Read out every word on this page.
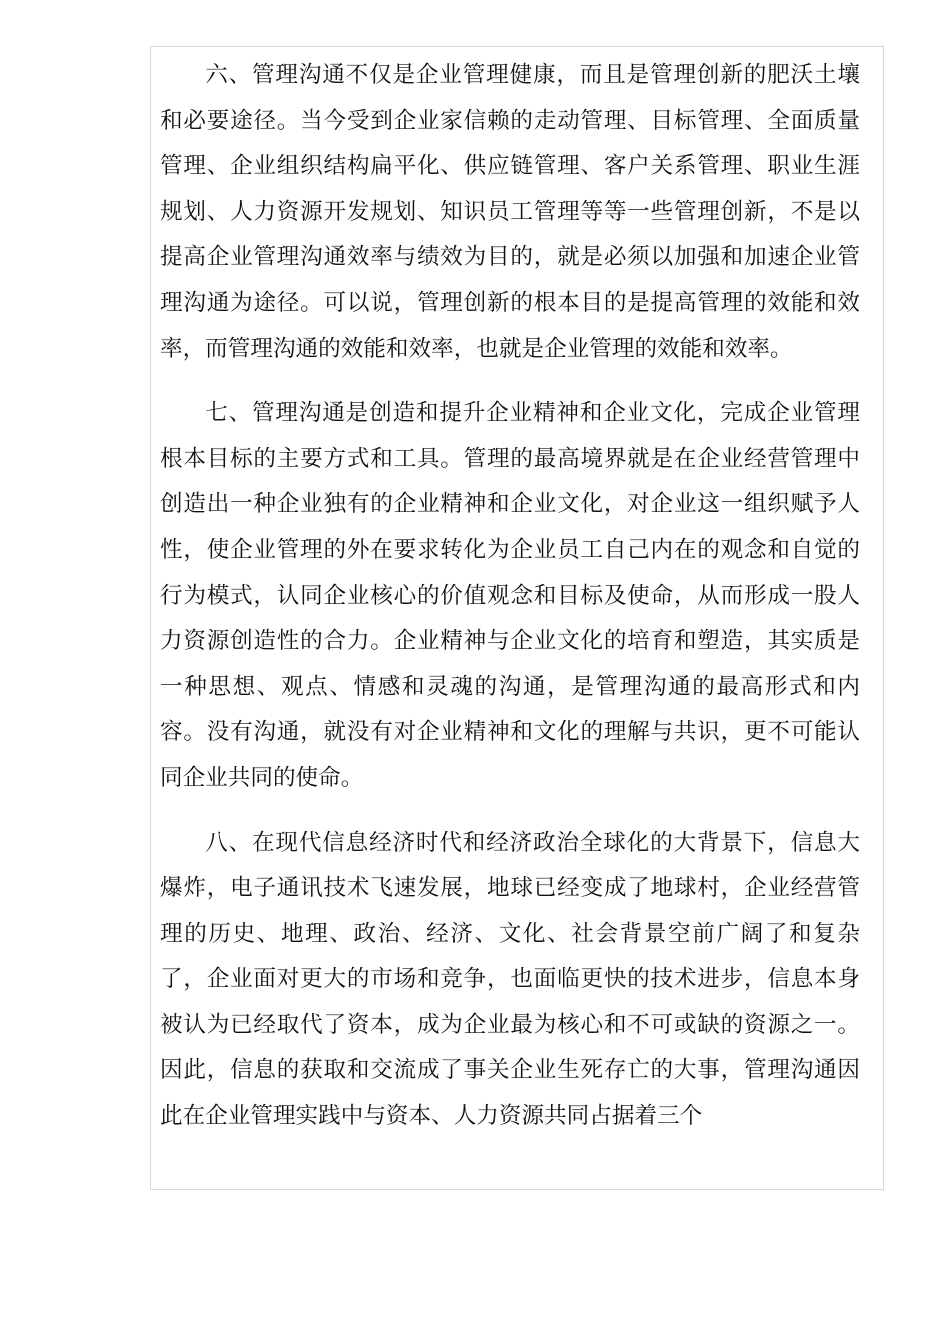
六、管理沟通不仅是企业管理健康，而且是管理创新的肥沃土壤和必要途径。当今受到企业家信赖的走动管理、目标管理、全面质量管理、企业组织结构扁平化、供应链管理、客户关系管理、职业生涯规划、人力资源开发规划、知识员工管理等等一些管理创新，不是以提高企业管理沟通效率与绩效为目的，就是必须以加强和加速企业管理沟通为途径。可以说，管理创新的根本目的是提高管理的效能和效率，而管理沟通的效能和效率，也就是企业管理的效能和效率。

七、管理沟通是创造和提升企业精神和企业文化，完成企业管理根本目标的主要方式和工具。管理的最高境界就是在企业经营管理中创造出一种企业独有的企业精神和企业文化，对企业这一组织赋予人性，使企业管理的外在要求转化为企业员工自己内在的观念和自觉的行为模式，认同企业核心的价值观念和目标及使命，从而形成一股人力资源创造性的合力。企业精神与企业文化的培育和塑造，其实质是一种思想、观点、情感和灵魂的沟通，是管理沟通的最高形式和内容。没有沟通，就没有对企业精神和文化的理解与共识，更不可能认同企业共同的使命。

八、在现代信息经济时代和经济政治全球化的大背景下，信息大爆炸，电子通讯技术飞速发展，地球已经变成了地球村，企业经营管理的历史、地理、政治、经济、文化、社会背景空前广阔了和复杂了，企业面对更大的市场和竞争，也面临更快的技术进步，信息本身被认为已经取代了资本，成为企业最为核心和不可或缺的资源之一。因此，信息的获取和交流成了事关企业生死存亡的大事，管理沟通因此在企业管理实践中与资本、人力资源共同占据着三个
